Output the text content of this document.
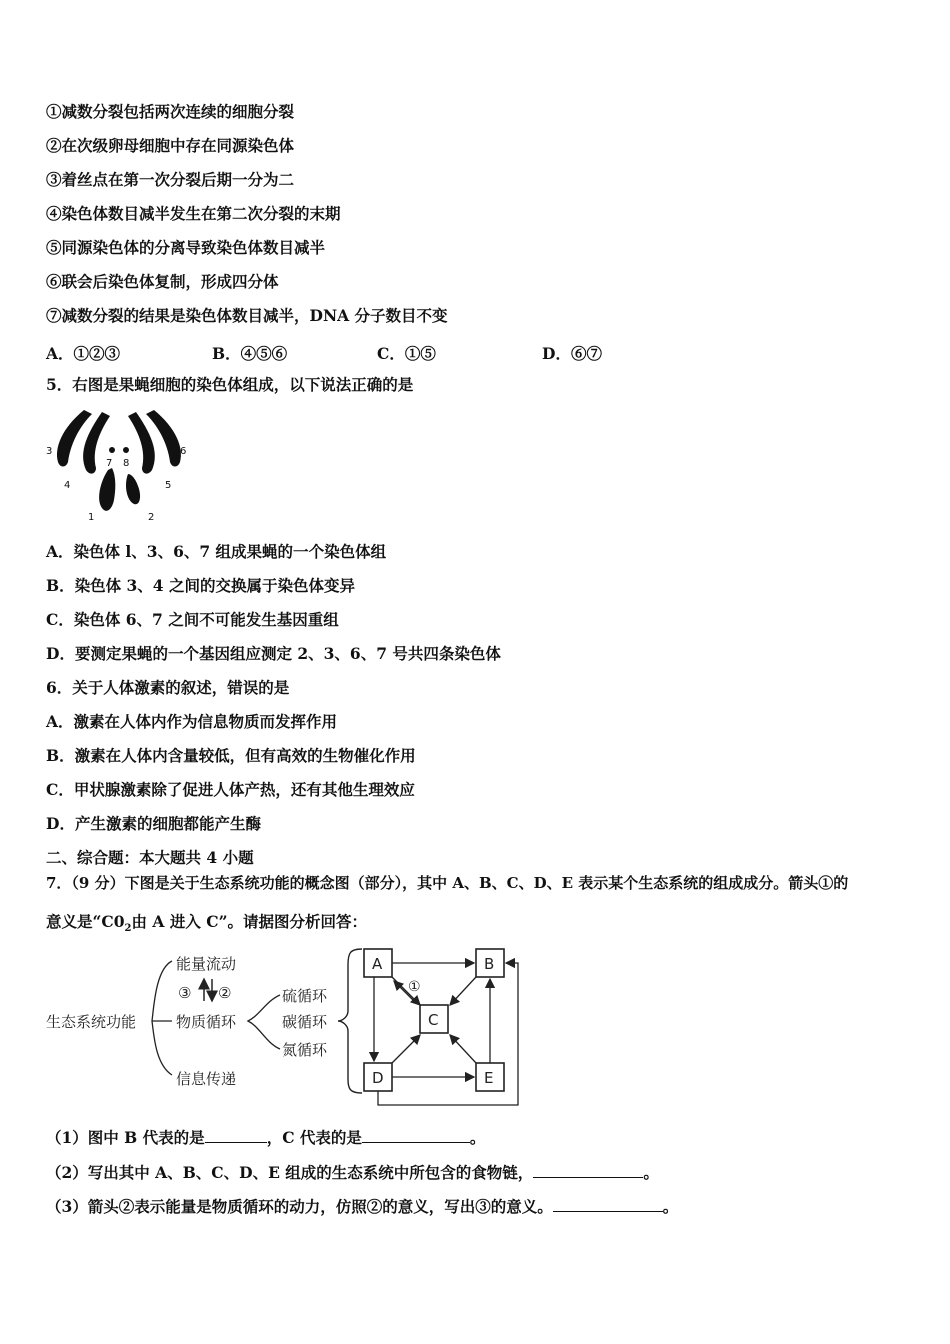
①减数分裂包括两次连续的细胞分裂
②在次级卵母细胞中存在同源染色体
③着丝点在第一次分裂后期一分为二
④染色体数目减半发生在第二次分裂的末期
⑤同源染色体的分离导致染色体数目减半
⑥联会后染色体复制，形成四分体
⑦减数分裂的结果是染色体数目减半，DNA 分子数目不变
A．①②③	B．④⑤⑥	C．①⑤	D．⑥⑦
5．右图是果蝇细胞的染色体组成，以下说法正确的是
3
4
7 8
6
5
1	2
A．染色体 l、3、6、7 组成果蝇的一个染色体组
B．染色体 3、4 之间的交换属于染色体变异
C．染色体 6、7 之间不可能发生基因重组
D．要测定果蝇的一个基因组应测定 2、3、6、7 号共四条染色体
6．关于人体激素的叙述，错误的是
A．激素在人体内作为信息物质而发挥作用
B．激素在人体内含量较低，但有高效的生物催化作用
C．甲状腺激素除了促进人体产热，还有其他生理效应
D．产生激素的细胞都能产生酶
二、综合题：本大题共 4 小题
7．（9 分）下图是关于生态系统功能的概念图（部分），其中 A、B、C、D、E 表示某个生态系统的组成成分。箭头①的
意义是“$C0_2$由 A 进入 C”。请据图分析回答：
生态系统功能
能量流动
③ ②
物质循环
信息传递
硫循环
碳循环
氮循环
A	B
C
D	E
①
（1）图中 B 代表的是	，C 代表的是	。
（2）写出其中 A、B、C、D、E 组成的生态系统中所包含的食物链，	。
（3）箭头②表示能量是物质循环的动力，仿照②的意义，写出③的意义。	。
